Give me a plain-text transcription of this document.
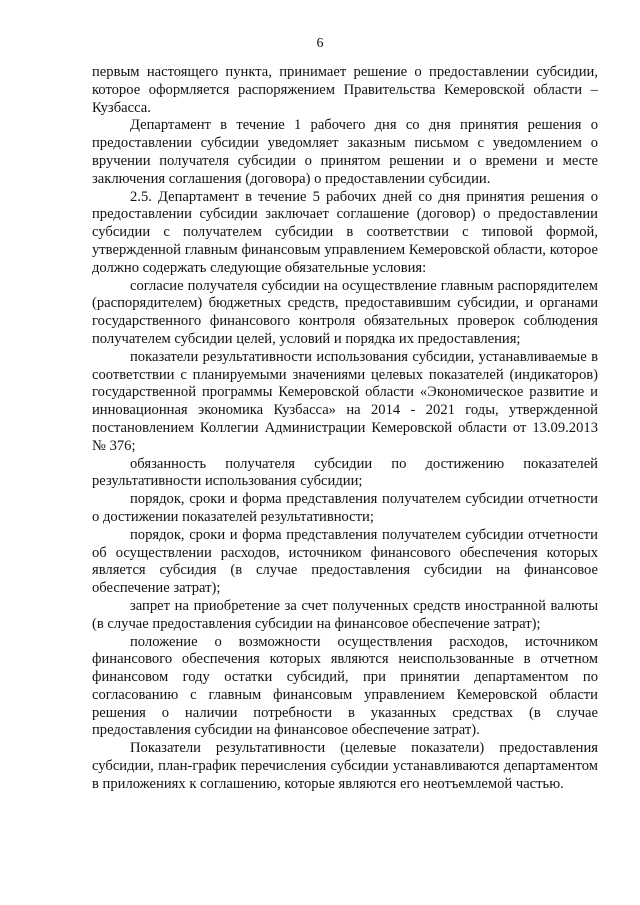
6

первым настоящего пункта, принимает решение о предоставлении субсидии, которое оформляется распоряжением Правительства Кемеровской области – Кузбасса.

Департамент в течение 1 рабочего дня со дня принятия решения о предоставлении субсидии уведомляет заказным письмом с уведомлением о вручении получателя субсидии о принятом решении и о времени и месте заключения соглашения (договора) о предоставлении субсидии.

2.5. Департамент в течение 5 рабочих дней со дня принятия решения о предоставлении субсидии заключает соглашение (договор) о предоставлении субсидии с получателем субсидии в соответствии с типовой формой, утвержденной главным финансовым управлением Кемеровской области, которое должно содержать следующие обязательные условия:

согласие получателя субсидии на осуществление главным распорядителем (распорядителем) бюджетных средств, предоставившим субсидии, и органами государственного финансового контроля обязательных проверок соблюдения получателем субсидии целей, условий и порядка их предоставления;

показатели результативности использования субсидии, устанавливаемые в соответствии с планируемыми значениями целевых показателей (индикаторов) государственной программы Кемеровской области «Экономическое развитие и инновационная экономика Кузбасса» на 2014 - 2021 годы, утвержденной постановлением Коллегии Администрации Кемеровской области от 13.09.2013 № 376;

обязанность получателя субсидии по достижению показателей результативности использования субсидии;

порядок, сроки и форма представления получателем субсидии отчетности о достижении показателей результативности;

порядок, сроки и форма представления получателем субсидии отчетности об осуществлении расходов, источником финансового обеспечения которых является субсидия (в случае предоставления субсидии на финансовое обеспечение затрат);

запрет на приобретение за счет полученных средств иностранной валюты (в случае предоставления субсидии на финансовое обеспечение затрат);

положение о возможности осуществления расходов, источником финансового обеспечения которых являются неиспользованные в отчетном финансовом году остатки субсидий, при принятии департаментом по согласованию с главным финансовым управлением Кемеровской области решения о наличии потребности в указанных средствах (в случае предоставления субсидии на финансовое обеспечение затрат).

Показатели результативности (целевые показатели) предоставления субсидии, план-график перечисления субсидии устанавливаются департаментом в приложениях к соглашению, которые являются его неотъемлемой частью.
